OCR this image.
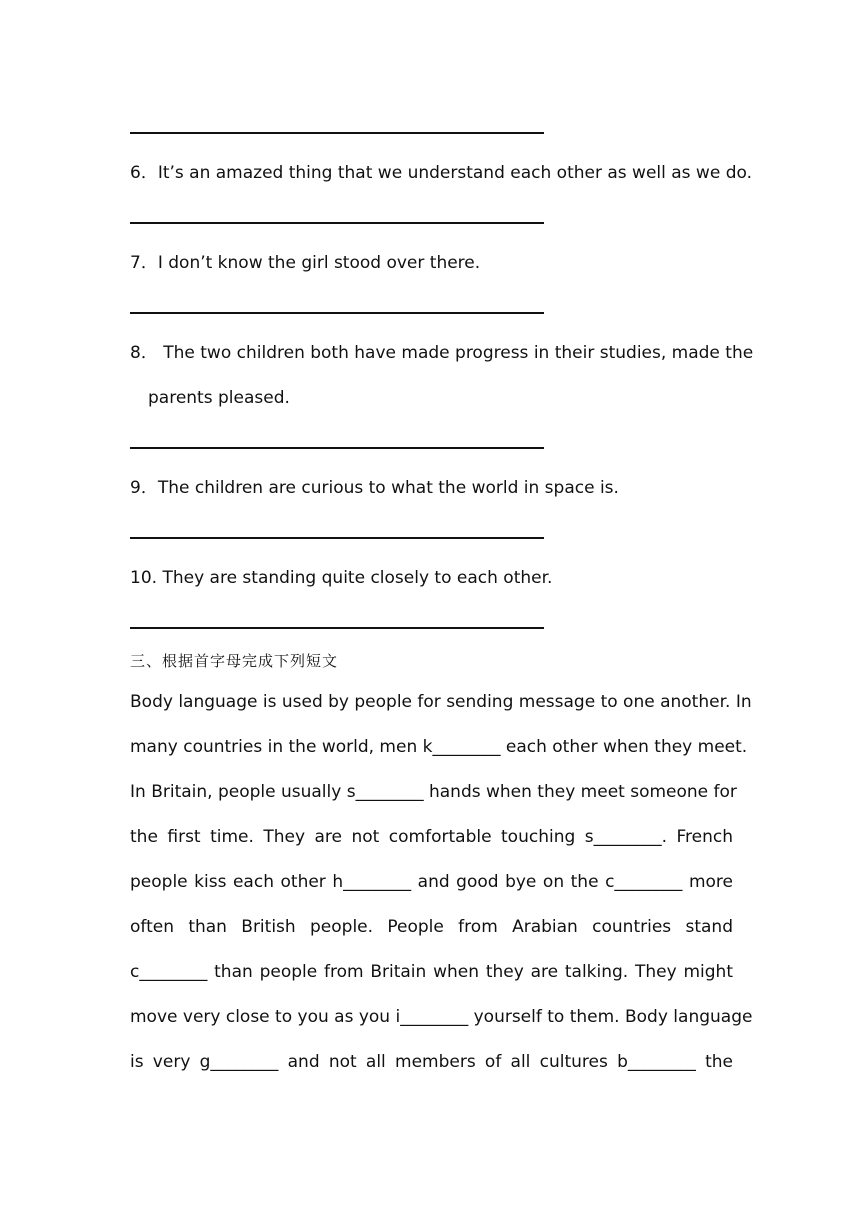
6．It’s an amazed thing that we understand each other as well as we do.
7．I don’t know the girl stood over there.
8． The two children both have made progress in their studies, made the
parents pleased.
9．The children are curious to what the world in space is.
10. They are standing quite closely to each other.
三、根据首字母完成下列短文
Body language is used by people for sending message to one another. In
many countries in the world, men k________ each other when they meet.
In Britain, people usually s________ hands when they meet someone for
the first time. They are not comfortable touching s________. French
people kiss each other h________ and good bye on the c________ more
often than British people. People from Arabian countries stand
c________ than people from Britain when they are talking. They might
move very close to you as you i________ yourself to them. Body language
is very g________ and not all members of all cultures b________ the
